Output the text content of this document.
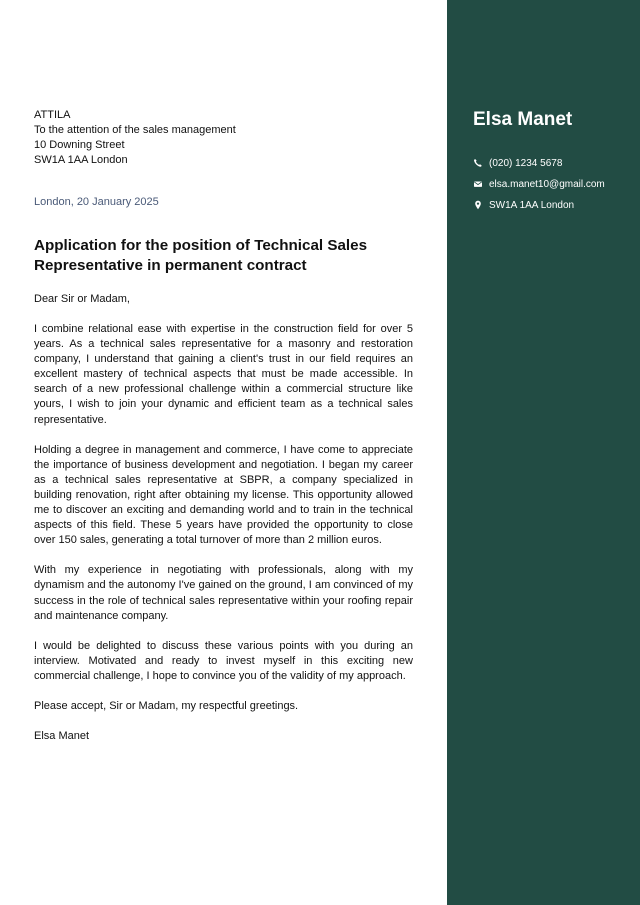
ATTILA
To the attention of the sales management
10 Downing Street
SW1A 1AA London
London, 20 January 2025
Application for the position of Technical Sales Representative in permanent contract
Dear Sir or Madam,
I combine relational ease with expertise in the construction field for over 5 years. As a technical sales representative for a masonry and restoration company, I understand that gaining a client's trust in our field requires an excellent mastery of technical aspects that must be made accessible. In search of a new professional challenge within a commercial structure like yours, I wish to join your dynamic and efficient team as a technical sales representative.
Holding a degree in management and commerce, I have come to appreciate the importance of business development and negotiation. I began my career as a technical sales representative at SBPR, a company specialized in building renovation, right after obtaining my license. This opportunity allowed me to discover an exciting and demanding world and to train in the technical aspects of this field. These 5 years have provided the opportunity to close over 150 sales, generating a total turnover of more than 2 million euros.
With my experience in negotiating with professionals, along with my dynamism and the autonomy I've gained on the ground, I am convinced of my success in the role of technical sales representative within your roofing repair and maintenance company.
I would be delighted to discuss these various points with you during an interview. Motivated and ready to invest myself in this exciting new commercial challenge, I hope to convince you of the validity of my approach.
Please accept, Sir or Madam, my respectful greetings.
Elsa Manet
Elsa Manet
(020) 1234 5678
elsa.manet10@gmail.com
SW1A 1AA London
